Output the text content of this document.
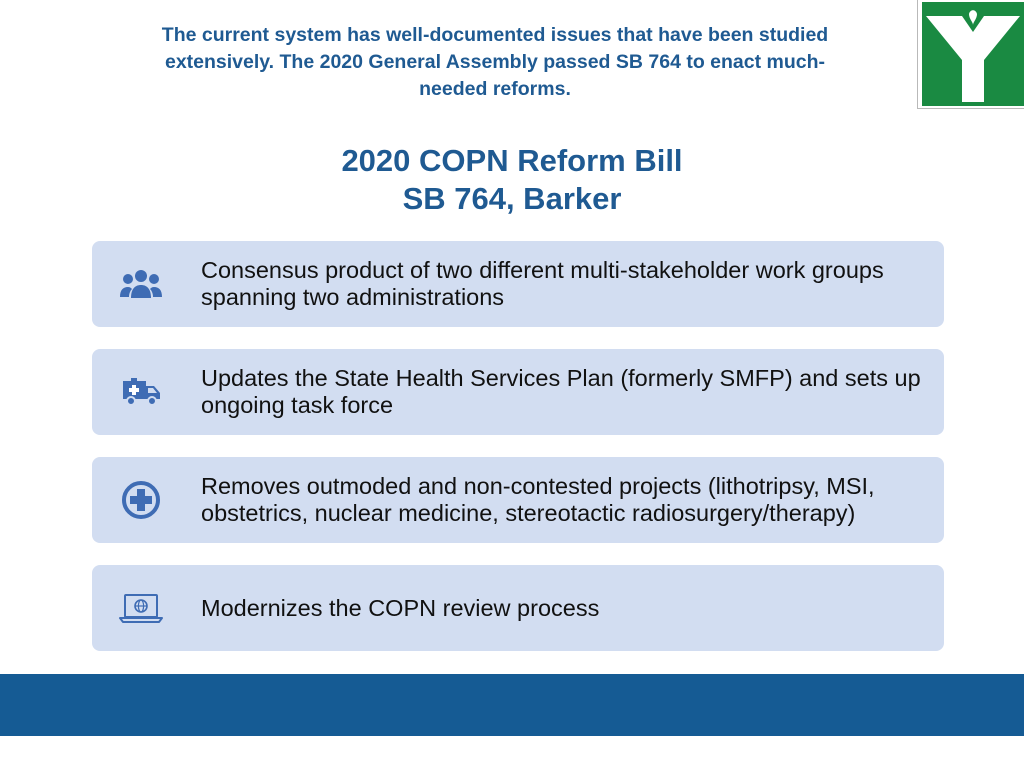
The current system has well-documented issues that have been studied extensively. The 2020 General Assembly passed SB 764 to enact much-needed reforms.

2020 COPN Reform Bill
SB 764, Barker
Consensus product of two different multi-stakeholder work groups spanning two administrations
Updates the State Health Services Plan (formerly SMFP) and sets up ongoing task force
Removes outmoded and non-contested projects (lithotripsy, MSI, obstetrics, nuclear medicine, stereotactic radiosurgery/therapy)
Modernizes the COPN review process
